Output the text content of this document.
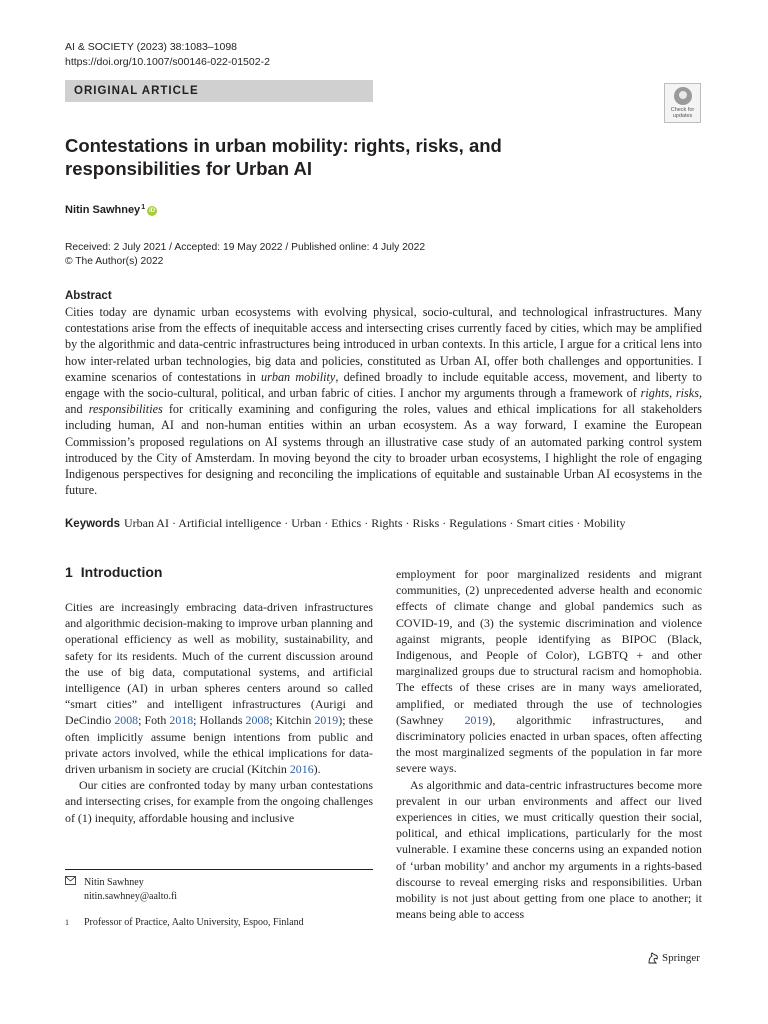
AI & SOCIETY (2023) 38:1083–1098
https://doi.org/10.1007/s00146-022-01502-2
ORIGINAL ARTICLE
Check for
updates
Contestations in urban mobility: rights, risks, and responsibilities for Urban AI
Nitin Sawhney$^1$ iD
Received: 2 July 2021 / Accepted: 19 May 2022 / Published online: 4 July 2022
© The Author(s) 2022
Abstract

Cities today are dynamic urban ecosystems with evolving physical, socio-cultural, and technological infrastructures. Many contestations arise from the effects of inequitable access and intersecting crises currently faced by cities, which may be amplified by the algorithmic and data-centric infrastructures being introduced in urban contexts. In this article, I argue for a critical lens into how inter-related urban technologies, big data and policies, constituted as Urban AI, offer both challenges and opportunities. I examine scenarios of contestations in urban mobility, defined broadly to include equitable access, movement, and liberty to engage with the socio-cultural, political, and urban fabric of cities. I anchor my arguments through a framework of rights, risks, and responsibilities for critically examining and configuring the roles, values and ethical implications for all stakeholders including human, AI and non-human entities within an urban ecosystem. As a way forward, I examine the European Commission’s proposed regulations on AI systems through an illustrative case study of an automated parking control system introduced by the City of Amsterdam. In moving beyond the city to broader urban ecosystems, I highlight the role of engaging Indigenous perspectives for designing and reconciling the implications of equitable and sustainable Urban AI ecosystems in the future.

Keywords Urban AI · Artificial intelligence · Urban · Ethics · Rights · Risks · Regulations · Smart cities · Mobility
1 Introduction

Cities are increasingly embracing data-driven infrastructures and algorithmic decision-making to improve urban planning and operational efficiency as well as mobility, sustainability, and safety for its residents. Much of the current discussion around the use of big data, computational systems, and artificial intelligence (AI) in urban spheres centers around so called “smart cities” and intelligent infrastructures (Aurigi and DeCindio 2008; Foth 2018; Hollands 2008; Kitchin 2019); these often implicitly assume benign intentions from public and private actors involved, while the ethical implications for data-driven urbanism in society are crucial (Kitchin 2016).

Our cities are confronted today by many urban contestations and intersecting crises, for example from the ongoing challenges of (1) inequity, affordable housing and inclusive

employment for poor marginalized residents and migrant communities, (2) unprecedented adverse health and economic effects of climate change and global pandemics such as COVID-19, and (3) the systemic discrimination and violence against migrants, people identifying as BIPOC (Black, Indigenous, and People of Color), LGBTQ + and other marginalized groups due to structural racism and homophobia. The effects of these crises are in many ways ameliorated, amplified, or mediated through the use of technologies (Sawhney 2019), algorithmic infrastructures, and discriminatory policies enacted in urban spaces, often affecting the most marginalized segments of the population in far more severe ways.

As algorithmic and data-centric infrastructures become more prevalent in our urban environments and affect our lived experiences in cities, we must critically question their social, political, and ethical implications, particularly for the most vulnerable. I examine these concerns using an expanded notion of ‘urban mobility’ and anchor my arguments in a rights-based discourse to reveal emerging risks and responsibilities. Urban mobility is not just about getting from one place to another; it means being able to access

Nitin Sawhney
nitin.sawhney@aalto.fi
1	Professor of Practice, Aalto University, Espoo, Finland
Springer
